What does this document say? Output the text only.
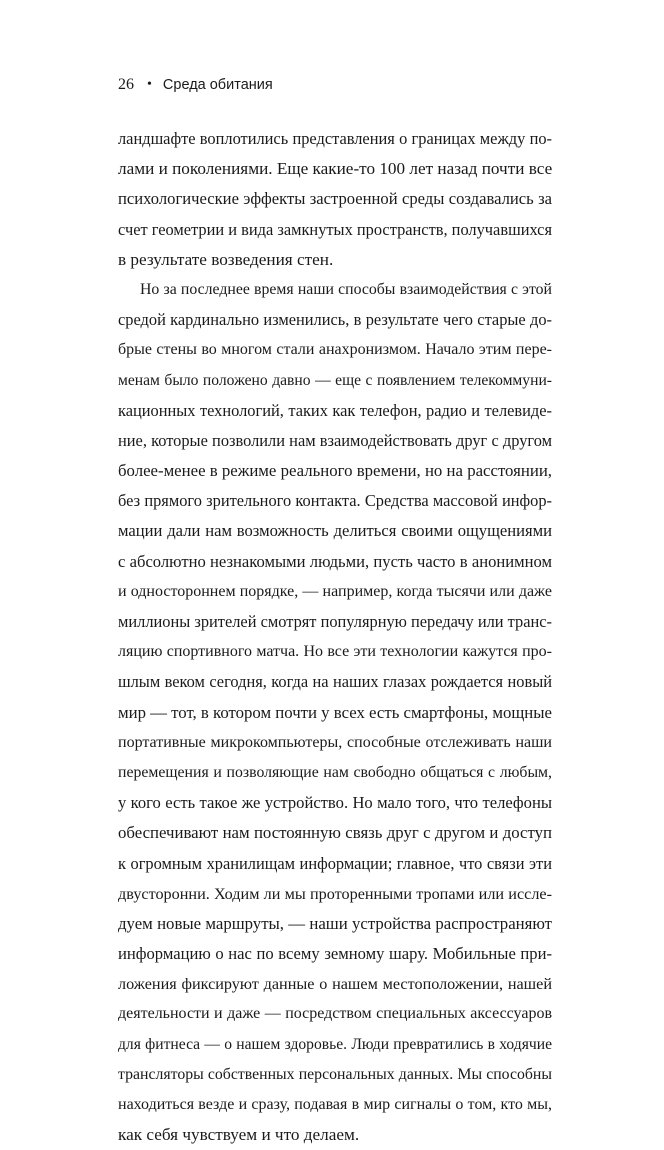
26 • Среда обитания
ландшафте воплотились представления о границах между по-
лами и поколениями. Еще какие-то 100 лет назад почти все
психологические эффекты застроенной среды создавались за
счет геометрии и вида замкнутых пространств, получавшихся
в результате возведения стен.
Но за последнее время наши способы взаимодействия с этой
средой кардинально изменились, в результате чего старые до-
брые стены во многом стали анахронизмом. Начало этим пере-
менам было положено давно — еще с появлением телекоммуни-
кационных технологий, таких как телефон, радио и телевиде-
ние, которые позволили нам взаимодействовать друг с другом
более-менее в режиме реального времени, но на расстоянии,
без прямого зрительного контакта. Средства массовой инфор-
мации дали нам возможность делиться своими ощущениями
с абсолютно незнакомыми людьми, пусть часто в анонимном
и одностороннем порядке, — например, когда тысячи или даже
миллионы зрителей смотрят популярную передачу или транс-
ляцию спортивного матча. Но все эти технологии кажутся про-
шлым веком сегодня, когда на наших глазах рождается новый
мир — тот, в котором почти у всех есть смартфоны, мощные
портативные микрокомпьютеры, способные отслеживать наши
перемещения и позволяющие нам свободно общаться с любым,
у кого есть такое же устройство. Но мало того, что телефоны
обеспечивают нам постоянную связь друг с другом и доступ
к огромным хранилищам информации; главное, что связи эти
двусторонни. Ходим ли мы проторенными тропами или иссле-
дуем новые маршруты, — наши устройства распространяют
информацию о нас по всему земному шару. Мобильные при-
ложения фиксируют данные о нашем местоположении, нашей
деятельности и даже — посредством специальных аксессуаров
для фитнеса — о нашем здоровье. Люди превратились в ходячие
трансляторы собственных персональных данных. Мы способны
находиться везде и сразу, подавая в мир сигналы о том, кто мы,
как себя чувствуем и что делаем.
